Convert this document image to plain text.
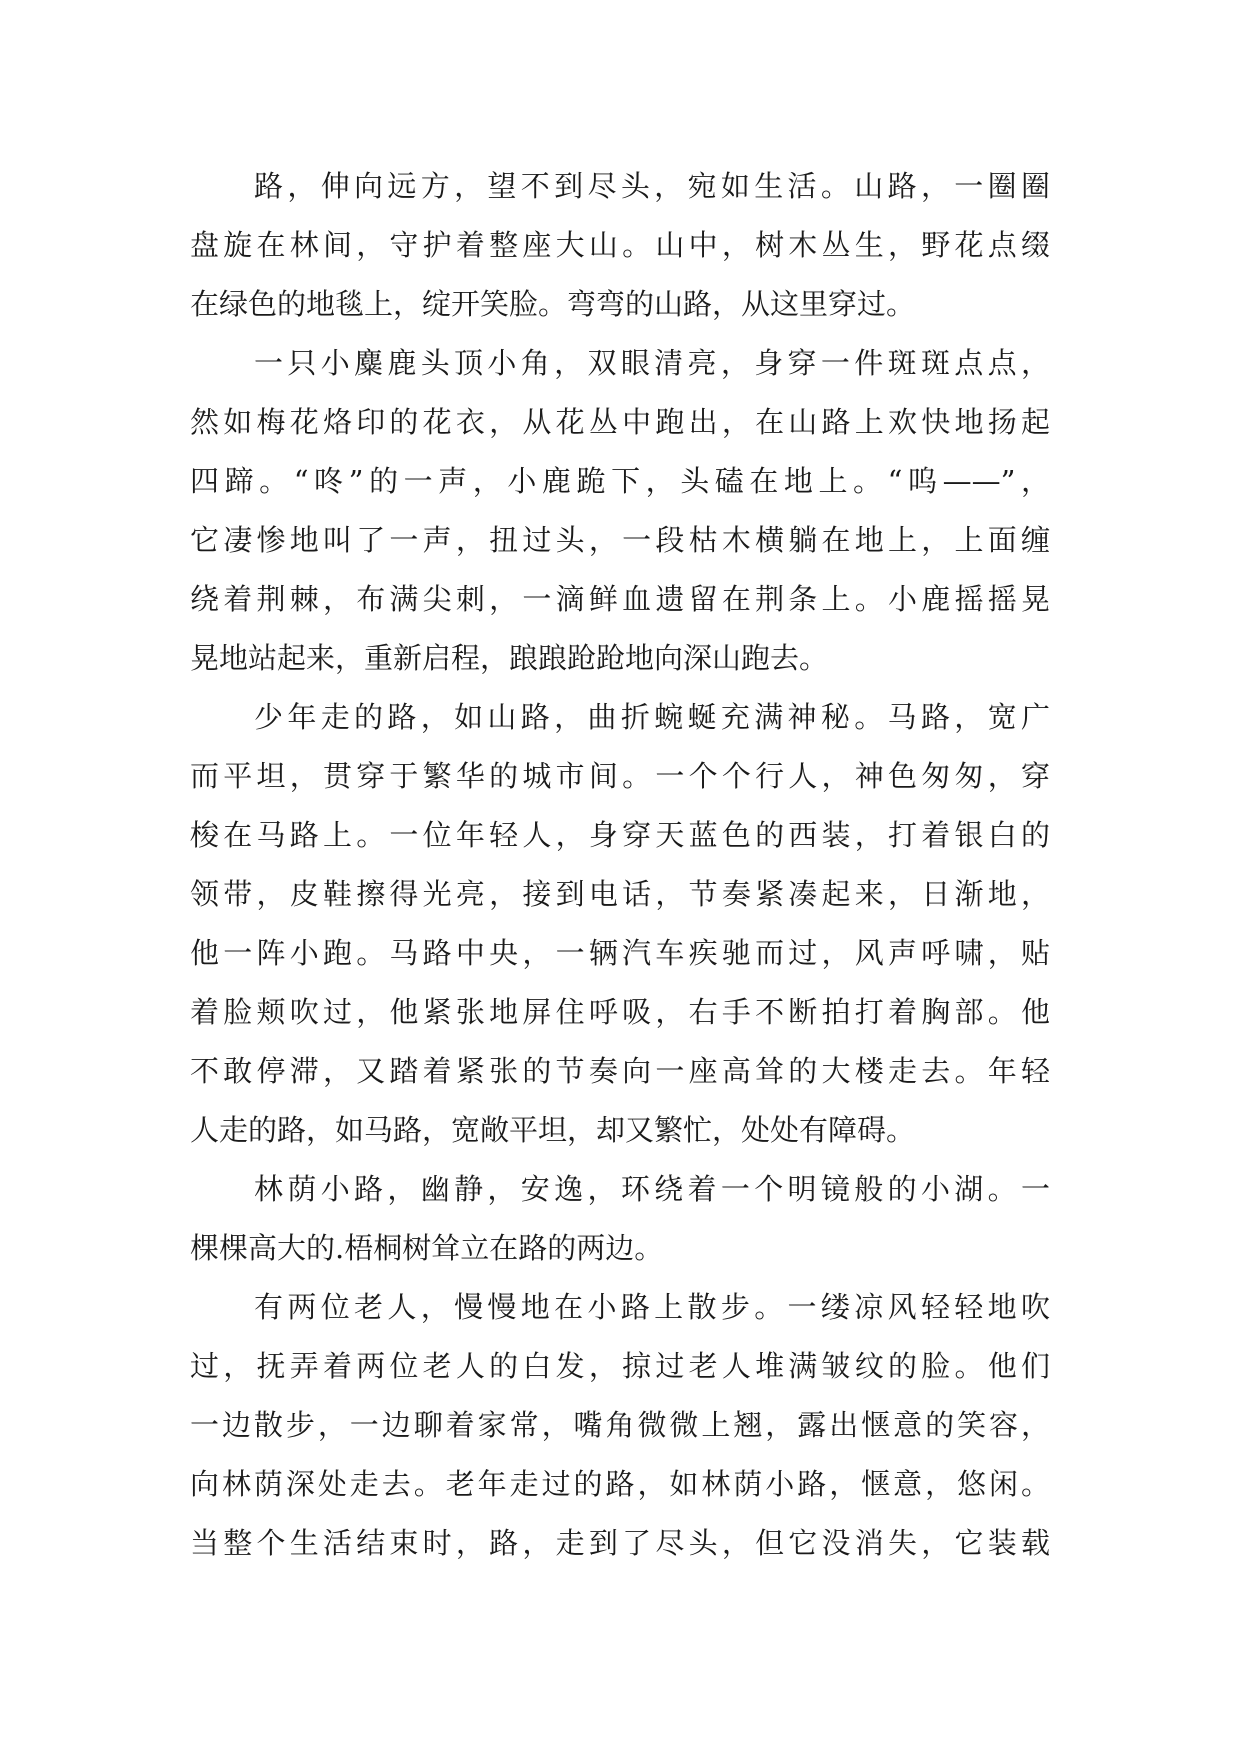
路，伸向远方，望不到尽头，宛如生活。山路，一圈圈
盘旋在林间，守护着整座大山。山中，树木丛生，野花点缀
在绿色的地毯上，绽开笑脸。弯弯的山路，从这里穿过。
一只小麋鹿头顶小角，双眼清亮，身穿一件斑斑点点，
然如梅花烙印的花衣，从花丛中跑出，在山路上欢快地扬起
四蹄。“咚”的一声，小鹿跪下，头磕在地上。“呜——”，
它凄惨地叫了一声，扭过头，一段枯木横躺在地上，上面缠
绕着荆棘，布满尖刺，一滴鲜血遗留在荆条上。小鹿摇摇晃
晃地站起来，重新启程，踉踉跄跄地向深山跑去。
少年走的路，如山路，曲折蜿蜒充满神秘。马路，宽广
而平坦，贯穿于繁华的城市间。一个个行人，神色匆匆，穿
梭在马路上。一位年轻人，身穿天蓝色的西装，打着银白的
领带，皮鞋擦得光亮，接到电话，节奏紧凑起来，日渐地，
他一阵小跑。马路中央，一辆汽车疾驰而过，风声呼啸，贴
着脸颊吹过，他紧张地屏住呼吸，右手不断拍打着胸部。他
不敢停滞，又踏着紧张的节奏向一座高耸的大楼走去。年轻
人走的路，如马路，宽敞平坦，却又繁忙，处处有障碍。
林荫小路，幽静，安逸，环绕着一个明镜般的小湖。一
棵棵高大的.梧桐树耸立在路的两边。
有两位老人，慢慢地在小路上散步。一缕凉风轻轻地吹
过，抚弄着两位老人的白发，掠过老人堆满皱纹的脸。他们
一边散步，一边聊着家常，嘴角微微上翘，露出惬意的笑容，
向林荫深处走去。老年走过的路，如林荫小路，惬意，悠闲。
当整个生活结束时，路，走到了尽头，但它没消失，它装载
